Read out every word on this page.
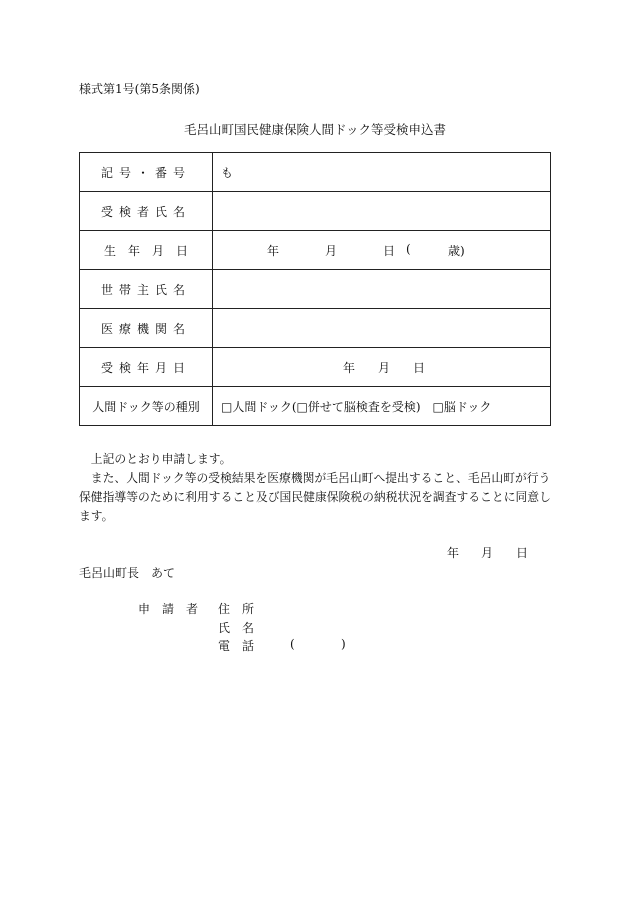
様式第1号(第5条関係)
毛呂山町国民健康保険人間ドック等受検申込書
記号・番号	も
受検者氏名	
生　年　月　日	年 月 日 ( 歳)

世帯主氏名	
医療機関名	
受検年月日	年 月 日

人間ドック等の種別	□人間ドック(□併せて脳検査を受検)　□脳ドック

上記のとおり申請します。

また、人間ドック等の受検結果を医療機関が毛呂山町へ提出すること、毛呂山町が行う保健指導等のために利用すること及び国民健康保険税の納税状況を調査することに同意します。

年 月 日
毛呂山町長　あて
申　請　者 住　所
氏　名
電　話	(	)
